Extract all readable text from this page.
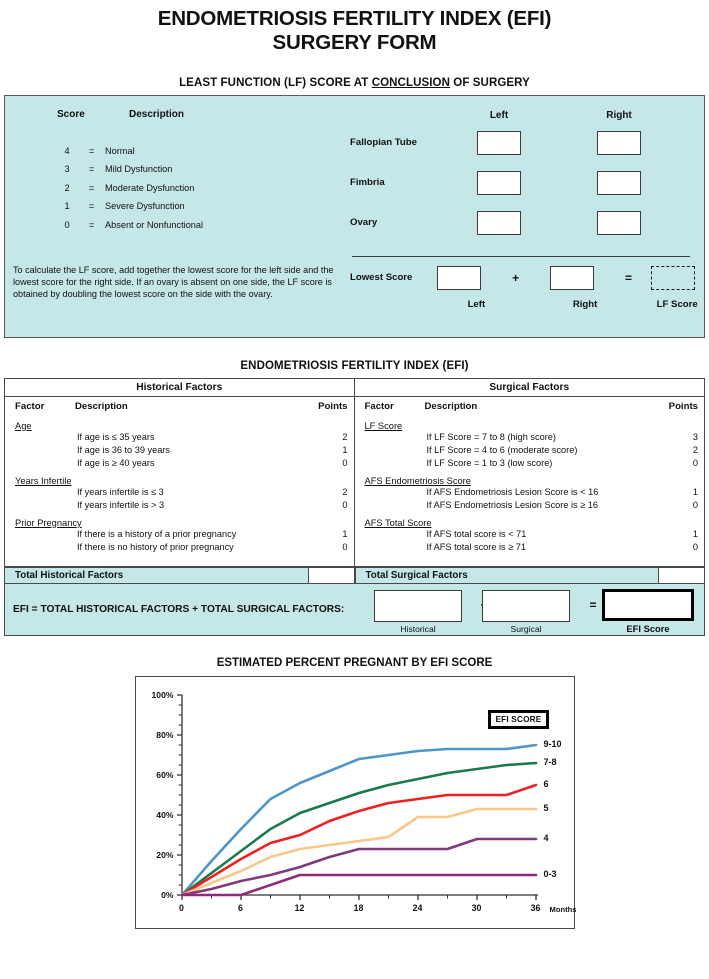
ENDOMETRIOSIS FERTILITY INDEX (EFI)
SURGERY FORM
LEAST FUNCTION (LF) SCORE AT CONCLUSION OF SURGERY
Score	Description
4	=	Normal
3	=	Mild Dysfunction
2	=	Moderate Dysfunction
1	=	Severe Dysfunction
0	=	Absent or Nonfunctional
To calculate the LF score, add together the lowest score for the left side and the lowest score for the right side. If an ovary is absent on one side, the LF score is obtained by doubling the lowest score on the side with the ovary.
Left	Right
Fallopian Tube
Fimbria
Ovary
Lowest Score	+	=
Left	Right	LF Score
ENDOMETRIOSIS FERTILITY INDEX (EFI)
Historical Factors
Factor	Description	Points
Age
If age is ≤ 35 years	2
If age is 36 to 39 years	1
If age is ≥ 40 years	0
Years Infertile
If years infertile is ≤ 3	2
If years infertile is > 3	0
Prior Pregnancy
If there is a history of a prior pregnancy	1
If there is no history of prior pregnancy	0
Surgical Factors
Factor	Description	Points
LF Score
If LF Score = 7 to 8 (high score)	3
If LF Score = 4 to 6 (moderate score)	2
If LF Score = 1 to 3 (low score)	0
AFS Endometriosis Score
If AFS Endometriosis Lesion Score is < 16	1
If AFS Endometriosis Lesion Score is ≥ 16	0
AFS Total Score
If AFS total score is < 71	1
If AFS total score is ≥ 71	0
Total Historical Factors	Total Surgical Factors
EFI = TOTAL HISTORICAL FACTORS + TOTAL SURGICAL FACTORS:	=
Historical	Surgical	EFI Score
ESTIMATED PERCENT PREGNANT BY EFI SCORE
EFI SCORE
0%
20%
40%
60%
80%
100%
0	6	12	18	24	30	36	Months
9-10
7-8
6
5
4
0-3
